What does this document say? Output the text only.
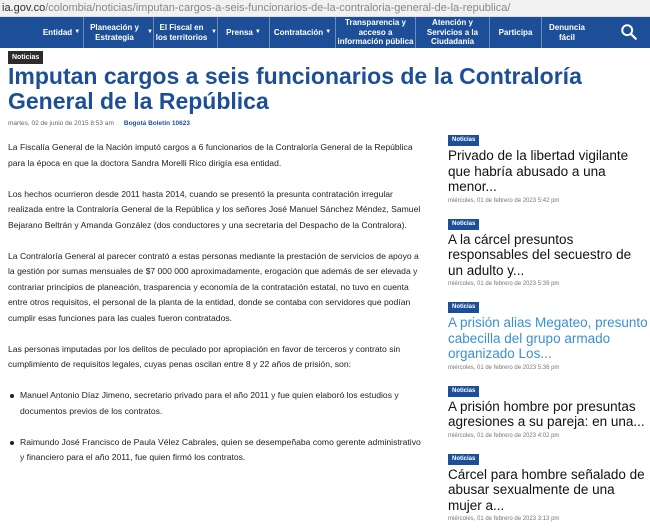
ia.gov.co/colombia/noticias/imputan-cargos-a-seis-funcionarios-de-la-contraloria-general-de-la-republica/
Entidad ▼	Planeación y Estrategia
▼ El Fiscal en los territorios
▼ Prensa ▼ Contratación ▼
Transparencia y acceso a información pública
Atención y Servicios a la Ciudadanía
Participa
Denuncia fácil
Noticias
Imputan cargos a seis funcionarios de la Contraloría General de la República
martes, 02 de junio de 2015 8:53 am Bogotá Boletín 10623

La Fiscalía General de la Nación imputó cargos a 6 funcionarios de la Contraloría General de la República para la época en que la doctora Sandra Morelli Rico dirigía esa entidad.

Los hechos ocurrieron desde 2011 hasta 2014, cuando se presentó la presunta contratación irregular realizada entre la Contraloría General de la República y los señores José Manuel Sánchez Méndez, Samuel Bejarano Beltrán y Amanda González (dos conductores y una secretaria del Despacho de la Contralora).

La Contraloría General al parecer contrató a estas personas mediante la prestación de servicios de apoyo a la gestión por sumas mensuales de $7 000 000 aproximadamente, erogación que además de ser elevada y contrariar principios de planeación, trasparencia y economía de la contratación estatal, no tuvo en cuenta entre otros requisitos, el personal de la planta de la entidad, donde se contaba con servidores que podían cumplir esas funciones para las cuales fueron contratados.

Las personas imputadas por los delitos de peculado por apropiación en favor de terceros y contrato sin cumplimiento de requisitos legales, cuyas penas oscilan entre 8 y 22 años de prisión, son:

Manuel Antonio Díaz Jimeno, secretario privado para el año 2011 y fue quien elaboró los estudios y documentos previos de los contratos.
Raimundo José Francisco de Paula Vélez Cabrales, quien se desempeñaba como gerente administrativo y financiero para el año 2011, fue quien firmó los contratos.
Noticias
Privado de la libertad vigilante que habría abusado a una menor...
miércoles, 01 de febrero de 2023 5:42 pm
Noticias
A la cárcel presuntos responsables del secuestro de un adulto y...
miércoles, 01 de febrero de 2023 5:39 pm
Noticias
A prisión alias Megateo, presunto cabecilla del grupo armado organizado Los...
miércoles, 01 de febrero de 2023 5:36 pm
Noticias
A prisión hombre por presuntas agresiones a su pareja: en una...
miércoles, 01 de febrero de 2023 4:02 pm
Noticias
Cárcel para hombre señalado de abusar sexualmente de una mujer a...
miércoles, 01 de febrero de 2023 3:13 pm
